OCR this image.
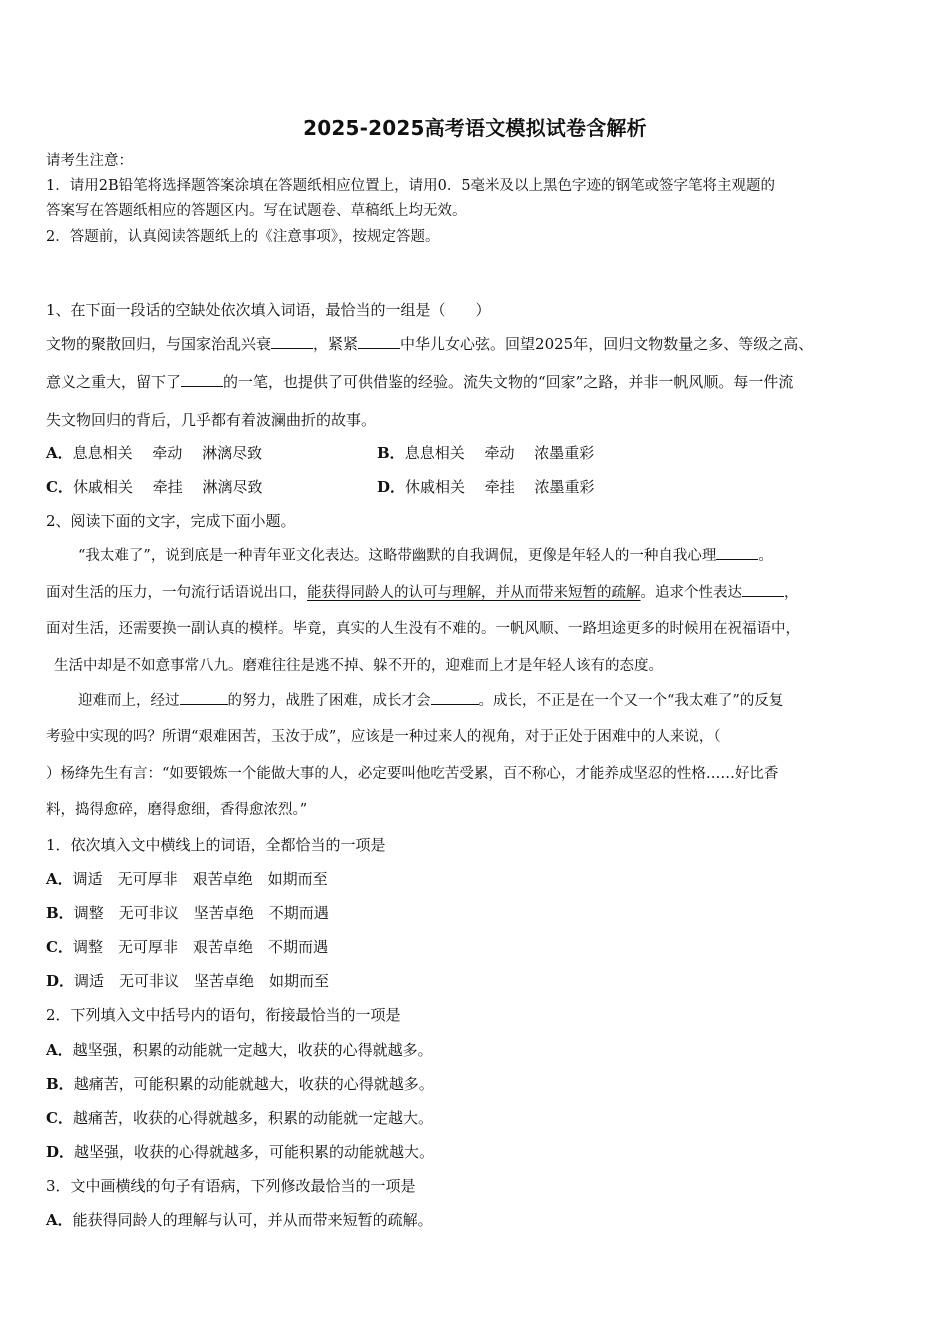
2025-2025高考语文模拟试卷含解析
请考生注意：
1．请用2B铅笔将选择题答案涂填在答题纸相应位置上，请用0．5毫米及以上黑色字迹的钢笔或签字笔将主观题的
答案写在答题纸相应的答题区内。写在试题卷、草稿纸上均无效。
2．答题前，认真阅读答题纸上的《注意事项》，按规定答题。
1、在下面一段话的空缺处依次填入词语，最恰当的一组是（　　）
文物的聚散回归，与国家治乱兴衰	，紧紧	中华儿女心弦。回望2025年，回归文物数量之多、等级之高、
意义之重大，留下了	的一笔，也提供了可供借鉴的经验。流失文物的“回家”之路，并非一帆风顺。每一件流
失文物回归的背后，几乎都有着波澜曲折的故事。
A．息息相关　 牵动　 淋漓尽致	B．息息相关　 牵动　 浓墨重彩
C．休戚相关　 牵挂　 淋漓尽致	D．休戚相关　 牵挂　 浓墨重彩
2、阅读下面的文字，完成下面小题。
“我太难了”，说到底是一种青年亚文化表达。这略带幽默的自我调侃，更像是年轻人的一种自我心理	。
面对生活的压力，一句流行话语说出口，能获得同龄人的认可与理解，并从而带来短暂的疏解。追求个性表达	，
面对生活，还需要换一副认真的模样。毕竟，真实的人生没有不难的。一帆风顺、一路坦途更多的时候用在祝福语中，
生活中却是不如意事常八九。磨难往往是逃不掉、躲不开的，迎难而上才是年轻人该有的态度。
迎难而上，经过	的努力，战胜了困难，成长才会	。成长，不正是在一个又一个“我太难了”的反复
考验中实现的吗？所谓“艰难困苦，玉汝于成”，应该是一种过来人的视角，对于正处于困难中的人来说，（
）杨绛先生有言：“如要锻炼一个能做大事的人，必定要叫他吃苦受累，百不称心，才能养成坚忍的性格……好比香
料，捣得愈碎，磨得愈细，香得愈浓烈。”
1．依次填入文中横线上的词语，全都恰当的一项是
A．调适　无可厚非　艰苦卓绝　如期而至
B．调整　无可非议　坚苦卓绝　不期而遇
C．调整　无可厚非　艰苦卓绝　不期而遇
D．调适　无可非议　坚苦卓绝　如期而至
2．下列填入文中括号内的语句，衔接最恰当的一项是
A．越坚强，积累的动能就一定越大，收获的心得就越多。
B．越痛苦，可能积累的动能就越大，收获的心得就越多。
C．越痛苦，收获的心得就越多，积累的动能就一定越大。
D．越坚强，收获的心得就越多，可能积累的动能就越大。
3．文中画横线的句子有语病，下列修改最恰当的一项是
A．能获得同龄人的理解与认可，并从而带来短暂的疏解。
